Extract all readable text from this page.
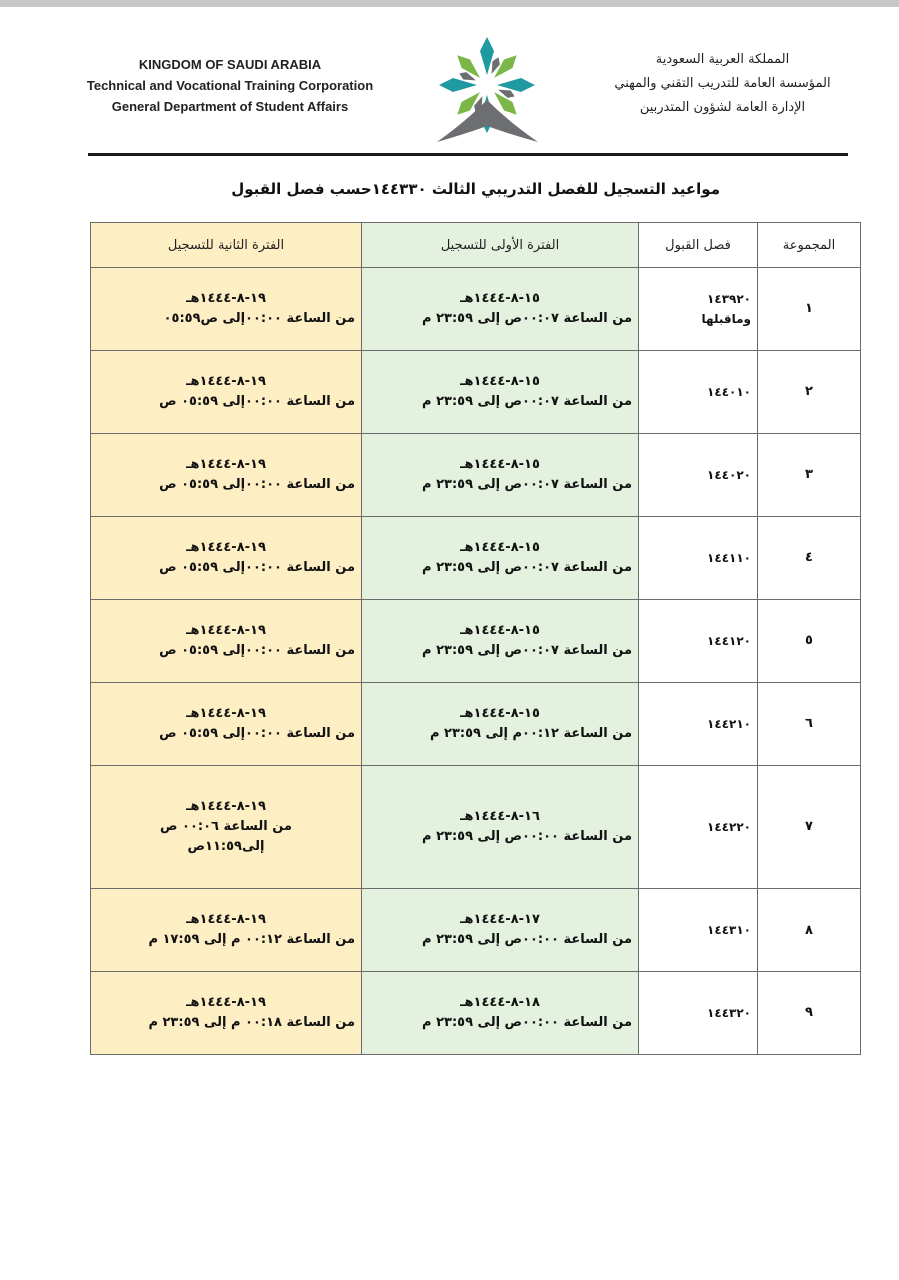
KINGDOM OF SAUDI ARABIA
Technical and Vocational Training Corporation
General Department of Student Affairs
المملكة العربية السعودية
المؤسسة العامة للتدريب التقني والمهني
الإدارة العامة لشؤون المتدربين
مواعيد التسجيل للفصل التدريبي الثالث ١٤٤٣٣٠حسب فصل القبول
المجموعة	فصل القبول	الفترة الأولى للتسجيل	الفترة الثانية للتسجيل
١	١٤٣٩٢٠
وماقبلها	١٥-٨-١٤٤٤هـ
من الساعة ٠٠:٠٧ص إلى ٢٣:٥٩ م	١٩-٨-١٤٤٤هـ
من الساعة ٠٠:٠٠إلى ص٠٥:٥٩

٢	١٤٤٠١٠	١٥-٨-١٤٤٤هـ
من الساعة ٠٠:٠٧ص إلى ٢٣:٥٩ م	١٩-٨-١٤٤٤هـ
من الساعة ٠٠:٠٠إلى ٠٥:٥٩ ص

٣	١٤٤٠٢٠	١٥-٨-١٤٤٤هـ
من الساعة ٠٠:٠٧ص إلى ٢٣:٥٩ م	١٩-٨-١٤٤٤هـ
من الساعة ٠٠:٠٠إلى ٠٥:٥٩ ص

٤	١٤٤١١٠	١٥-٨-١٤٤٤هـ
من الساعة ٠٠:٠٧ص إلى ٢٣:٥٩ م	١٩-٨-١٤٤٤هـ
من الساعة ٠٠:٠٠إلى ٠٥:٥٩ ص

٥	١٤٤١٢٠	١٥-٨-١٤٤٤هـ
من الساعة ٠٠:٠٧ص إلى ٢٣:٥٩ م	١٩-٨-١٤٤٤هـ
من الساعة ٠٠:٠٠إلى ٠٥:٥٩ ص

٦	١٤٤٢١٠	١٥-٨-١٤٤٤هـ
من الساعة ٠٠:١٢م إلى ٢٣:٥٩ م	١٩-٨-١٤٤٤هـ
من الساعة ٠٠:٠٠إلى ٠٥:٥٩ ص

٧	١٤٤٢٢٠	١٦-٨-١٤٤٤هـ
من الساعة ٠٠:٠٠ص إلى ٢٣:٥٩ م	١٩-٨-١٤٤٤هـ
من الساعة ٠٠:٠٦ ص
إلى١١:٥٩ص

٨	١٤٤٣١٠	١٧-٨-١٤٤٤هـ
من الساعة ٠٠:٠٠ص إلى ٢٣:٥٩ م	١٩-٨-١٤٤٤هـ
من الساعة ٠٠:١٢ م إلى ١٧:٥٩ م

٩	١٤٤٣٢٠	١٨-٨-١٤٤٤هـ
من الساعة ٠٠:٠٠ص إلى ٢٣:٥٩ م	١٩-٨-١٤٤٤هـ
من الساعة ٠٠:١٨ م إلى ٢٣:٥٩ م
